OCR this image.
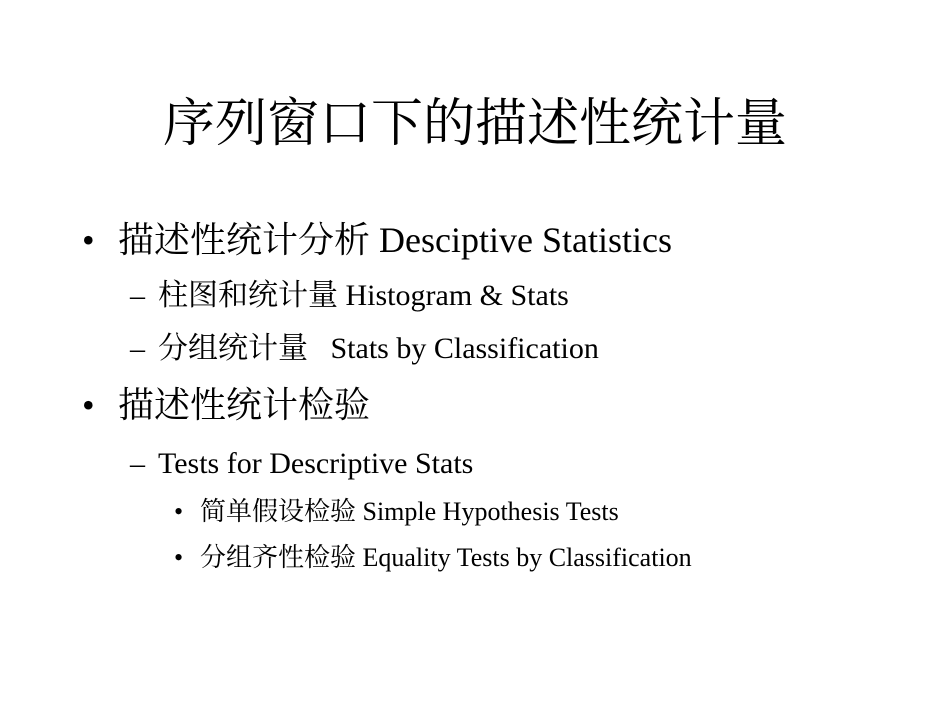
序列窗口下的描述性统计量
• 描述性统计分析 Desciptive Statistics
– 柱图和统计量 Histogram & Stats
– 分组统计量   Stats by Classification
• 描述性统计检验
– Tests for Descriptive Stats
• 简单假设检验 Simple Hypothesis Tests
• 分组齐性检验 Equality Tests by Classification
